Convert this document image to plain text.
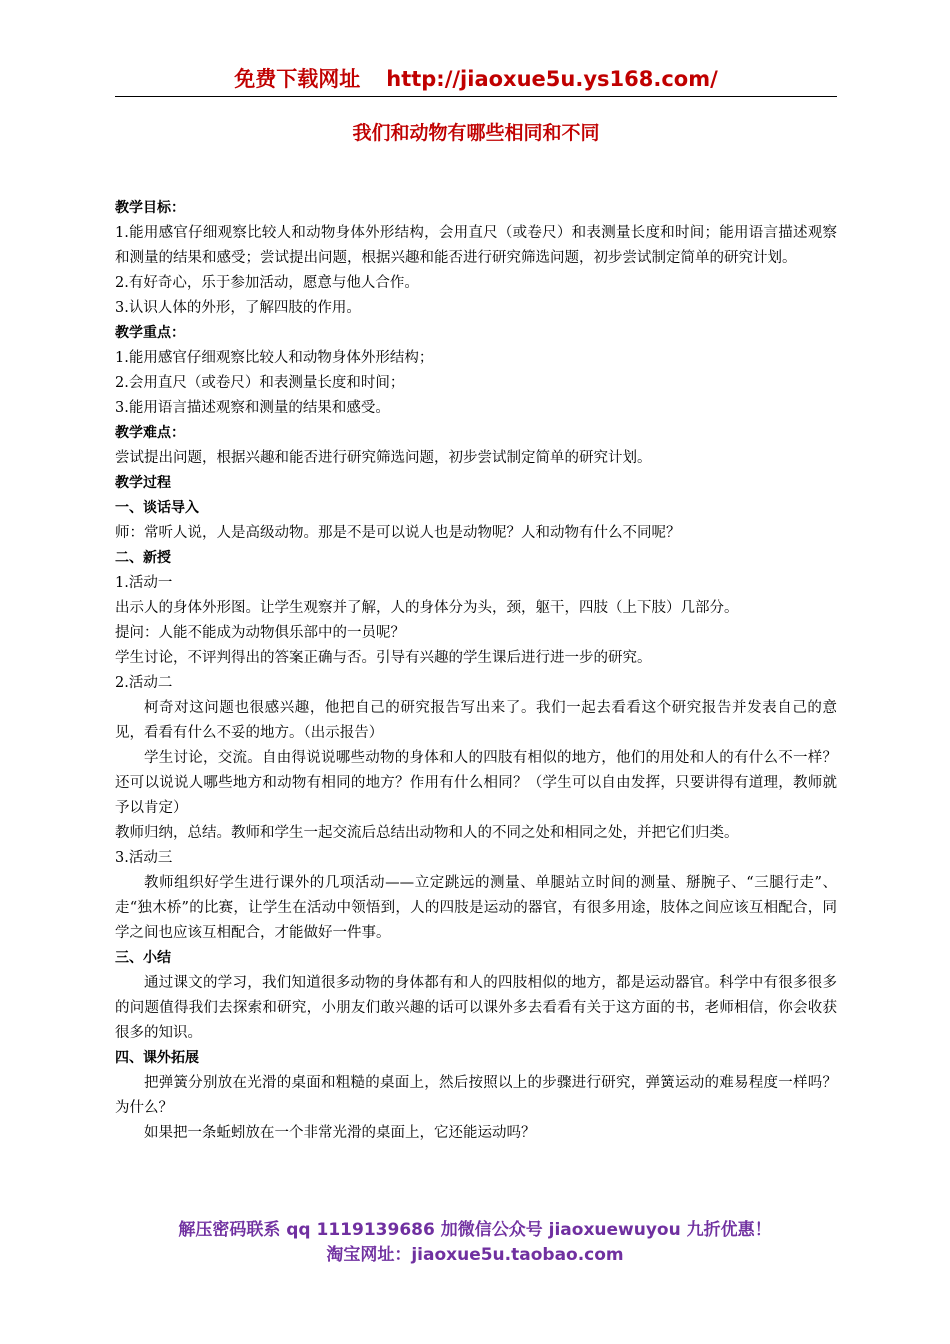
免费下载网址 http://jiaoxue5u.ys168.com/
我们和动物有哪些相同和不同

教学目标：

1.能用感官仔细观察比较人和动物身体外形结构，会用直尺（或卷尺）和表测量长度和时间；能用语言描述观察和测量的结果和感受；尝试提出问题，根据兴趣和能否进行研究筛选问题，初步尝试制定简单的研究计划。

2.有好奇心，乐于参加活动，愿意与他人合作。

3.认识人体的外形，了解四肢的作用。

教学重点：

1.能用感官仔细观察比较人和动物身体外形结构；

2.会用直尺（或卷尺）和表测量长度和时间；

3.能用语言描述观察和测量的结果和感受。

教学难点：

尝试提出问题，根据兴趣和能否进行研究筛选问题，初步尝试制定简单的研究计划。

教学过程

一、谈话导入

师：常听人说，人是高级动物。那是不是可以说人也是动物呢？人和动物有什么不同呢？

二、新授

1.活动一

出示人的身体外形图。让学生观察并了解，人的身体分为头，颈，躯干，四肢（上下肢）几部分。

提问：人能不能成为动物俱乐部中的一员呢？

学生讨论，不评判得出的答案正确与否。引导有兴趣的学生课后进行进一步的研究。

2.活动二

柯奇对这问题也很感兴趣，他把自己的研究报告写出来了。我们一起去看看这个研究报告并发表自己的意见，看看有什么不妥的地方。（出示报告）

学生讨论，交流。自由得说说哪些动物的身体和人的四肢有相似的地方，他们的用处和人的有什么不一样？还可以说说人哪些地方和动物有相同的地方？作用有什么相同？（学生可以自由发挥，只要讲得有道理，教师就予以肯定）

教师归纳，总结。教师和学生一起交流后总结出动物和人的不同之处和相同之处，并把它们归类。

3.活动三

教师组织好学生进行课外的几项活动——立定跳远的测量、单腿站立时间的测量、掰腕子、“三腿行走”、走“独木桥”的比赛，让学生在活动中领悟到，人的四肢是运动的器官，有很多用途，肢体之间应该互相配合，同学之间也应该互相配合，才能做好一件事。

三、小结

通过课文的学习，我们知道很多动物的身体都有和人的四肢相似的地方，都是运动器官。科学中有很多很多的问题值得我们去探索和研究，小朋友们敢兴趣的话可以课外多去看看有关于这方面的书，老师相信，你会收获很多的知识。

四、课外拓展

把弹簧分别放在光滑的桌面和粗糙的桌面上，然后按照以上的步骤进行研究，弹簧运动的难易程度一样吗？为什么？

如果把一条蚯蚓放在一个非常光滑的桌面上，它还能运动吗？

解压密码联系 qq 1119139686 加微信公众号 jiaoxuewuyou 九折优惠！
淘宝网址：jiaoxue5u.taobao.com
